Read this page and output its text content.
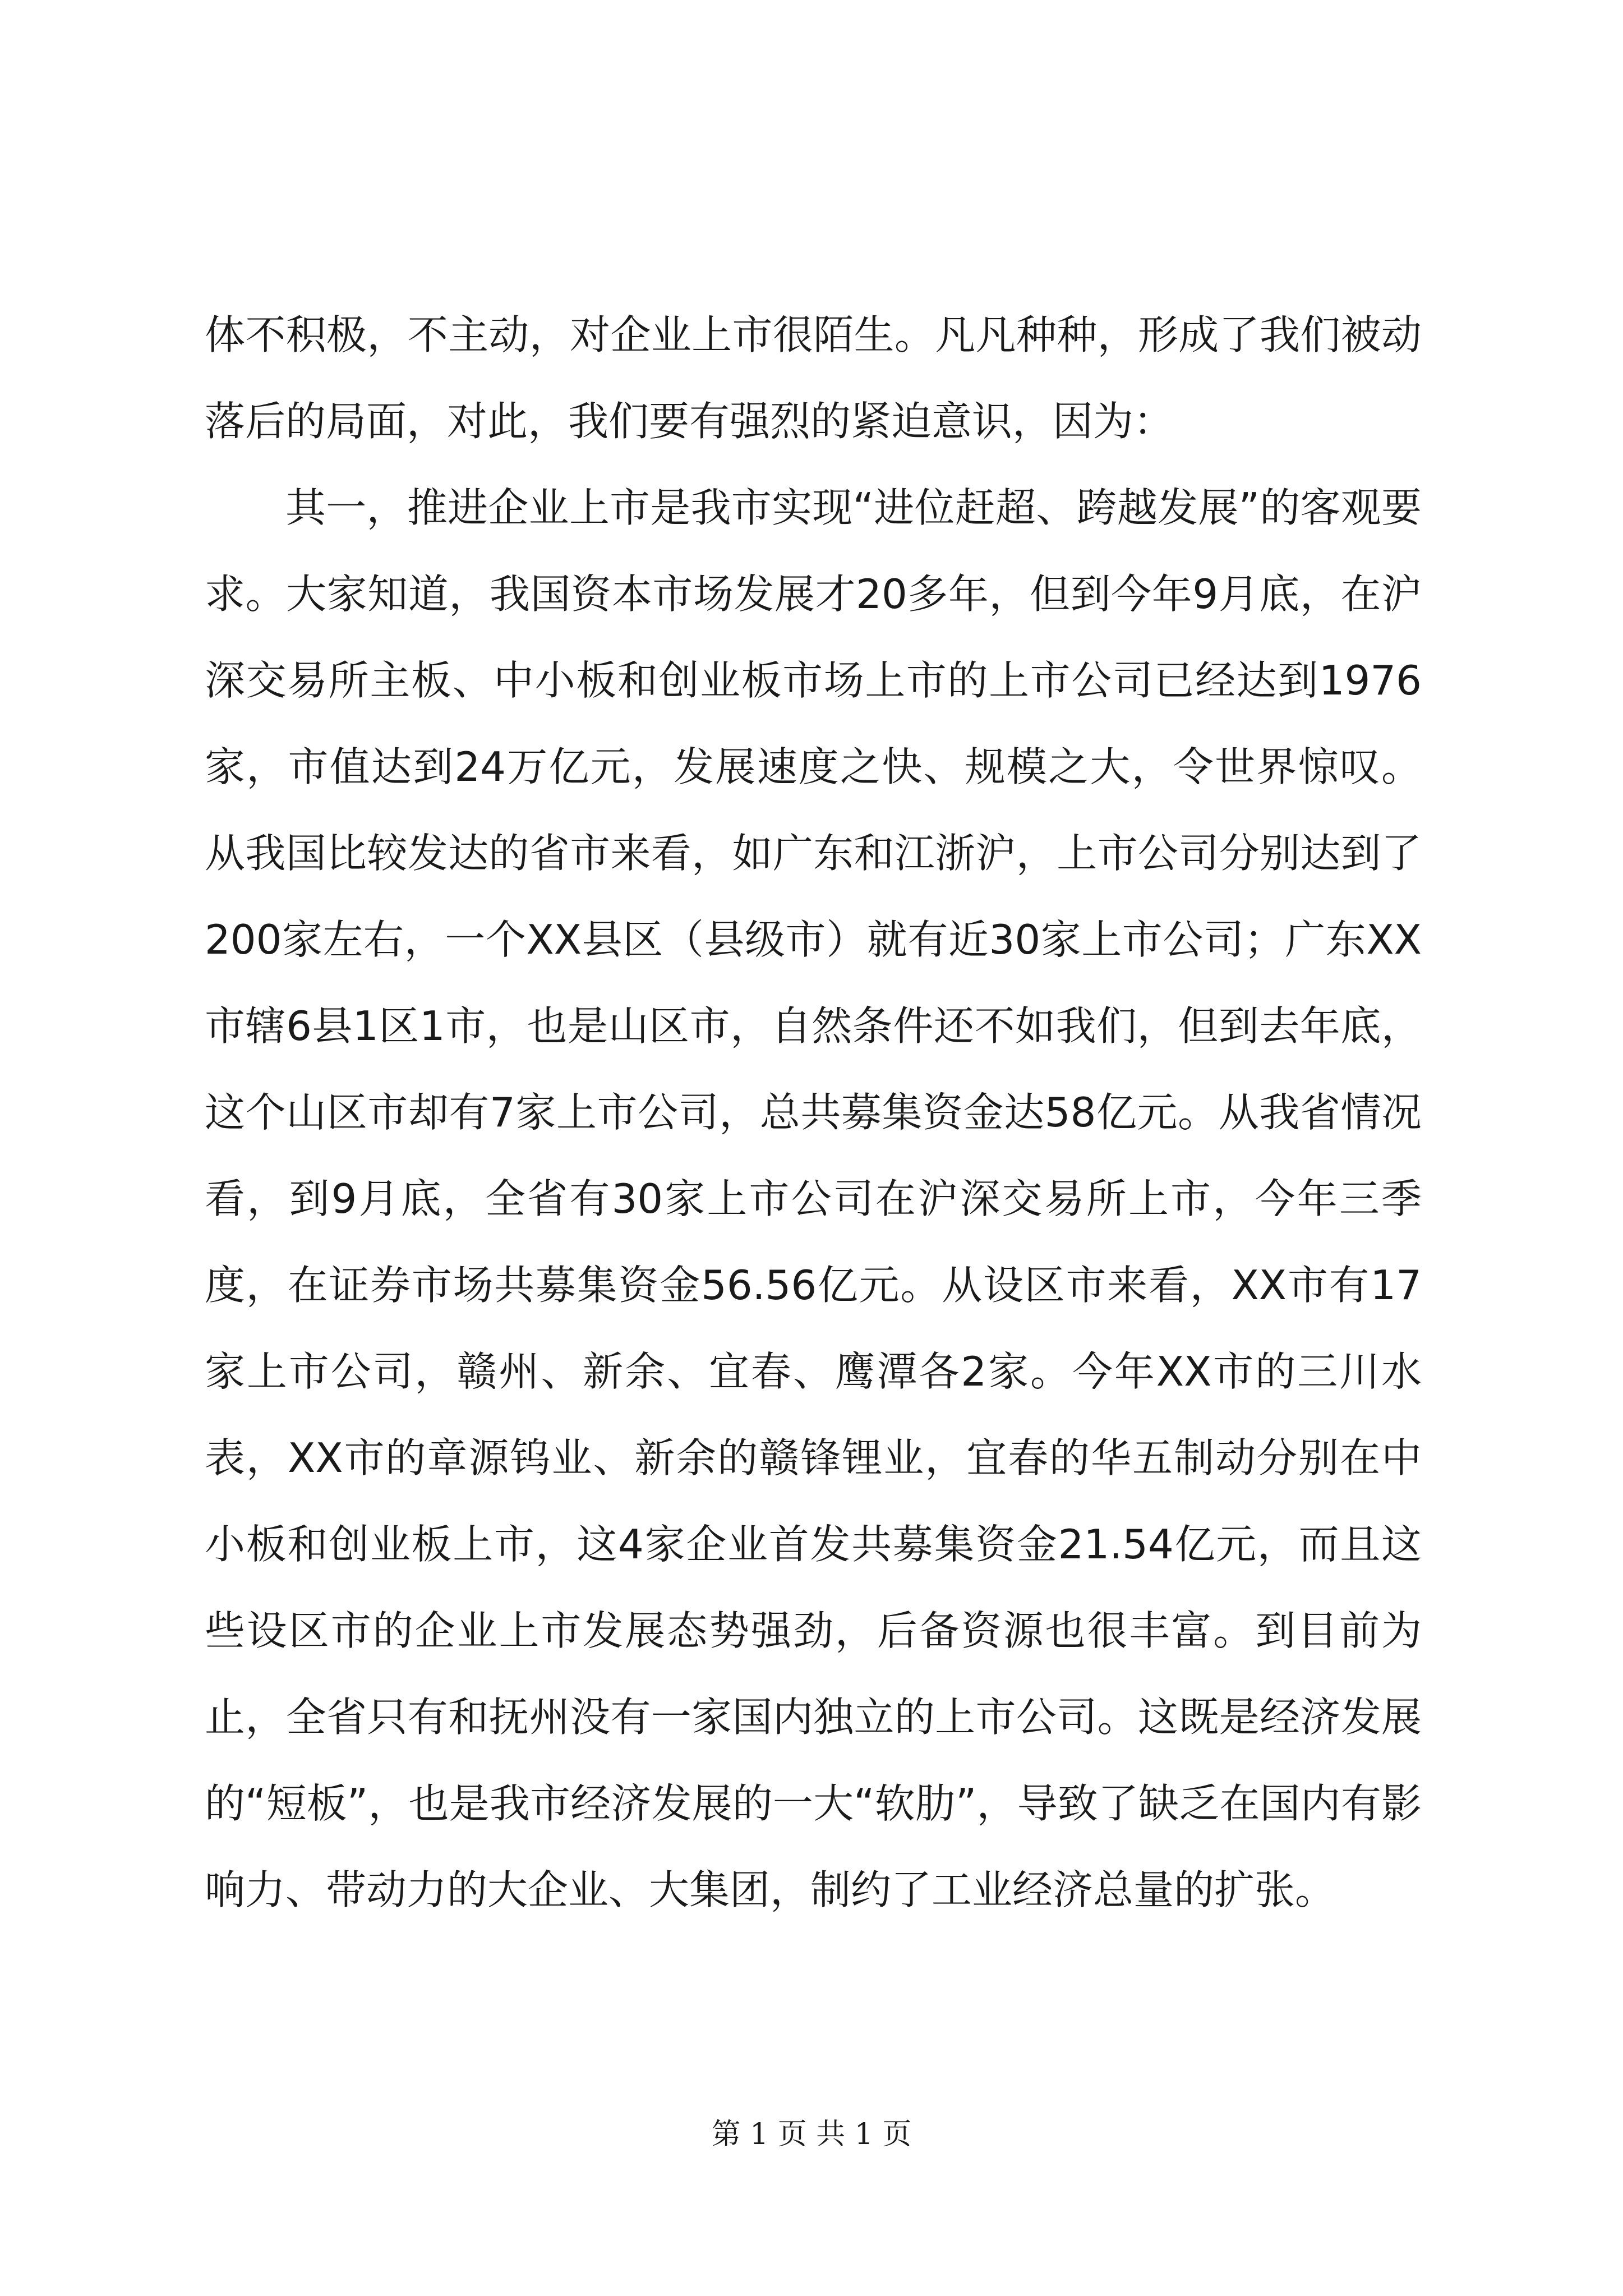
体不积极，不主动，对企业上市很陌生。凡凡种种，形成了我们被动落后的局面，对此，我们要有强烈的紧迫意识，因为：

其一，推进企业上市是我市实现“进位赶超、跨越发展”的客观要求。大家知道，我国资本市场发展才20多年，但到今年9月底，在沪深交易所主板、中小板和创业板市场上市的上市公司已经达到1976家，市值达到24万亿元，发展速度之快、规模之大，令世界惊叹。从我国比较发达的省市来看，如广东和江浙沪，上市公司分别达到了200家左右，一个XX县区（县级市）就有近30家上市公司；广东XX市辖6县1区1市，也是山区市，自然条件还不如我们，但到去年底，这个山区市却有7家上市公司，总共募集资金达58亿元。从我省情况看，到9月底，全省有30家上市公司在沪深交易所上市，今年三季度，在证券市场共募集资金56.56亿元。从设区市来看，XX市有17家上市公司，赣州、新余、宜春、鹰潭各2家。今年XX市的三川水表，XX市的章源钨业、新余的赣锋锂业，宜春的华五制动分别在中小板和创业板上市，这4家企业首发共募集资金21.54亿元，而且这些设区市的企业上市发展态势强劲，后备资源也很丰富。到目前为止，全省只有和抚州没有一家国内独立的上市公司。这既是经济发展的“短板”，也是我市经济发展的一大“软肋”，导致了缺乏在国内有影响力、带动力的大企业、大集团，制约了工业经济总量的扩张。

第 1 页 共 1 页
